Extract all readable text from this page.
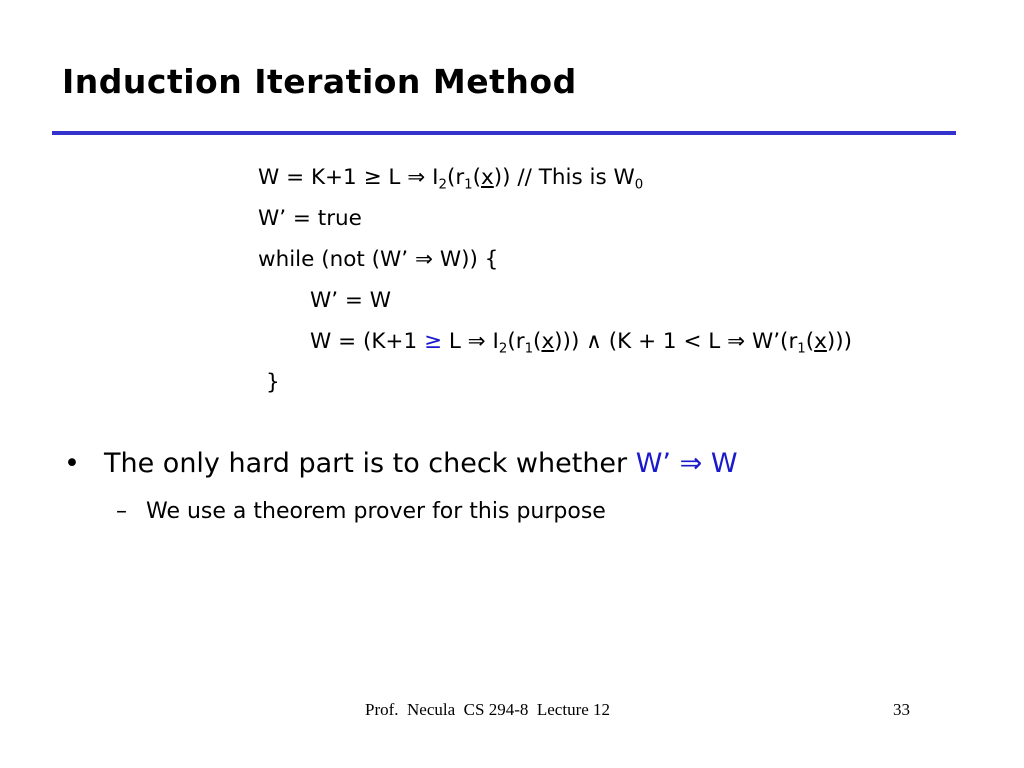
Induction Iteration Method
W = K+1 ≥ L ⇒ $I_2(r_1(x))$ // This is $W_0$
W’ = true
while (not (W’ ⇒ W)) {
W’ = W
W = (K+1 ≥ L ⇒ $I_2(r_1(x))$) ∧ (K + 1 < L ⇒ $W’(r_1(x))$)
}
• The only hard part is to check whether W’ ⇒ W
– We use a theorem prover for this purpose
Prof.  Necula  CS 294-8  Lecture 12	33
